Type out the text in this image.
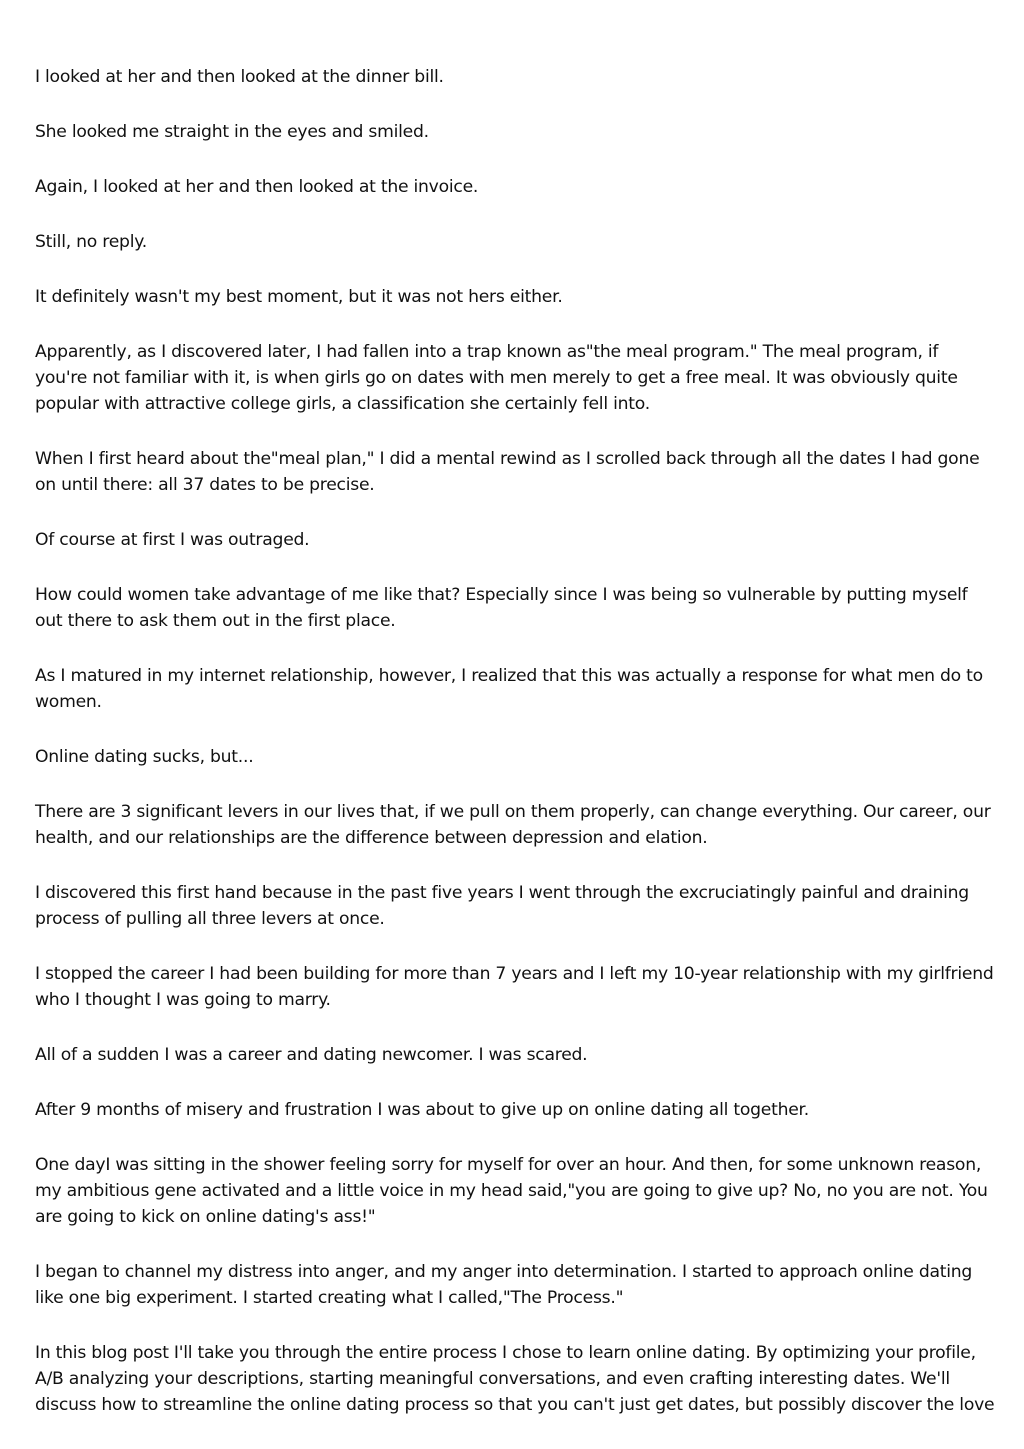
I looked at her and then looked at the dinner bill.

She looked me straight in the eyes and smiled.

Again, I looked at her and then looked at the invoice.

Still, no reply.

It definitely wasn't my best moment, but it was not hers either.

Apparently, as I discovered later, I had fallen into a trap known as"the meal program." The meal program, if you're not familiar with it, is when girls go on dates with men merely to get a free meal. It was obviously quite popular with attractive college girls, a classification she certainly fell into.

When I first heard about the"meal plan," I did a mental rewind as I scrolled back through all the dates I had gone on until there: all 37 dates to be precise.

Of course at first I was outraged.

How could women take advantage of me like that? Especially since I was being so vulnerable by putting myself out there to ask them out in the first place.

As I matured in my internet relationship, however, I realized that this was actually a response for what men do to women.

Online dating sucks, but...

There are 3 significant levers in our lives that, if we pull on them properly, can change everything. Our career, our health, and our relationships are the difference between depression and elation.

I discovered this first hand because in the past five years I went through the excruciatingly painful and draining process of pulling all three levers at once.

I stopped the career I had been building for more than 7 years and I left my 10-year relationship with my girlfriend who I thought I was going to marry.

All of a sudden I was a career and dating newcomer. I was scared.

After 9 months of misery and frustration I was about to give up on online dating all together.

One dayI was sitting in the shower feeling sorry for myself for over an hour. And then, for some unknown reason, my ambitious gene activated and a little voice in my head said,"you are going to give up? No, no you are not. You are going to kick on online dating's ass!"

I began to channel my distress into anger, and my anger into determination. I started to approach online dating like one big experiment. I started creating what I called,"The Process."

In this blog post I'll take you through the entire process I chose to learn online dating. By optimizing your profile, A/B analyzing your descriptions, starting meaningful conversations, and even crafting interesting dates. We'll discuss how to streamline the online dating process so that you can't just get dates, but possibly discover the love
